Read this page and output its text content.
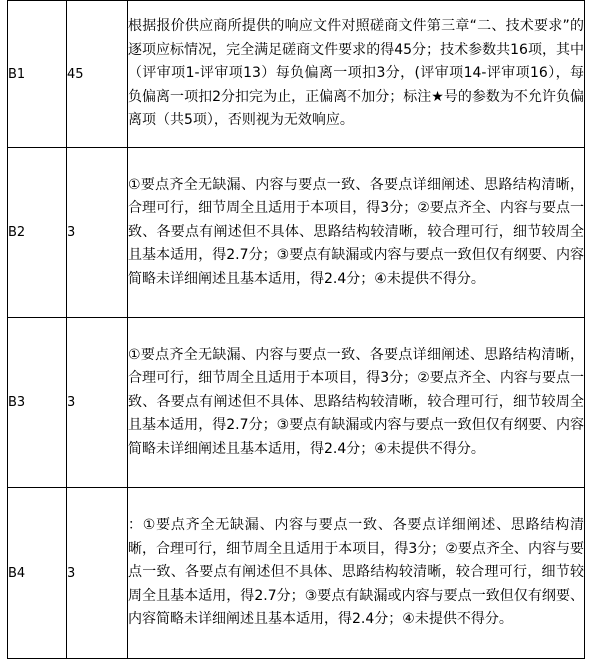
B1	45	根据报价供应商所提供的响应文件对照磋商文件第三章“二、技术要求”的逐项应标情况，完全满足磋商文件要求的得45分；技术参数共16项，其中（评审项1-评审项13）每负偏离一项扣3分，(评审项14-评审项16），每负偏离一项扣2分扣完为止，正偏离不加分；标注★号的参数为不允许负偏离项（共5项），否则视为无效响应。
B2	3	①要点齐全无缺漏、内容与要点一致、各要点详细阐述、思路结构清晰，合理可行，细节周全且适用于本项目，得3分；②要点齐全、内容与要点一致、各要点有阐述但不具体、思路结构较清晰，较合理可行，细节较周全且基本适用，得2.7分；③要点有缺漏或内容与要点一致但仅有纲要、内容简略未详细阐述且基本适用，得2.4分；④未提供不得分。
B3	3	①要点齐全无缺漏、内容与要点一致、各要点详细阐述、思路结构清晰，合理可行，细节周全且适用于本项目，得3分；②要点齐全、内容与要点一致、各要点有阐述但不具体、思路结构较清晰，较合理可行，细节较周全且基本适用，得2.7分；③要点有缺漏或内容与要点一致但仅有纲要、内容简略未详细阐述且基本适用，得2.4分；④未提供不得分。
B4	3	：①要点齐全无缺漏、内容与要点一致、各要点详细阐述、思路结构清晰，合理可行，细节周全且适用于本项目，得3分；②要点齐全、内容与要点一致、各要点有阐述但不具体、思路结构较清晰，较合理可行，细节较周全且基本适用，得2.7分；③要点有缺漏或内容与要点一致但仅有纲要、内容简略未详细阐述且基本适用，得2.4分；④未提供不得分。
